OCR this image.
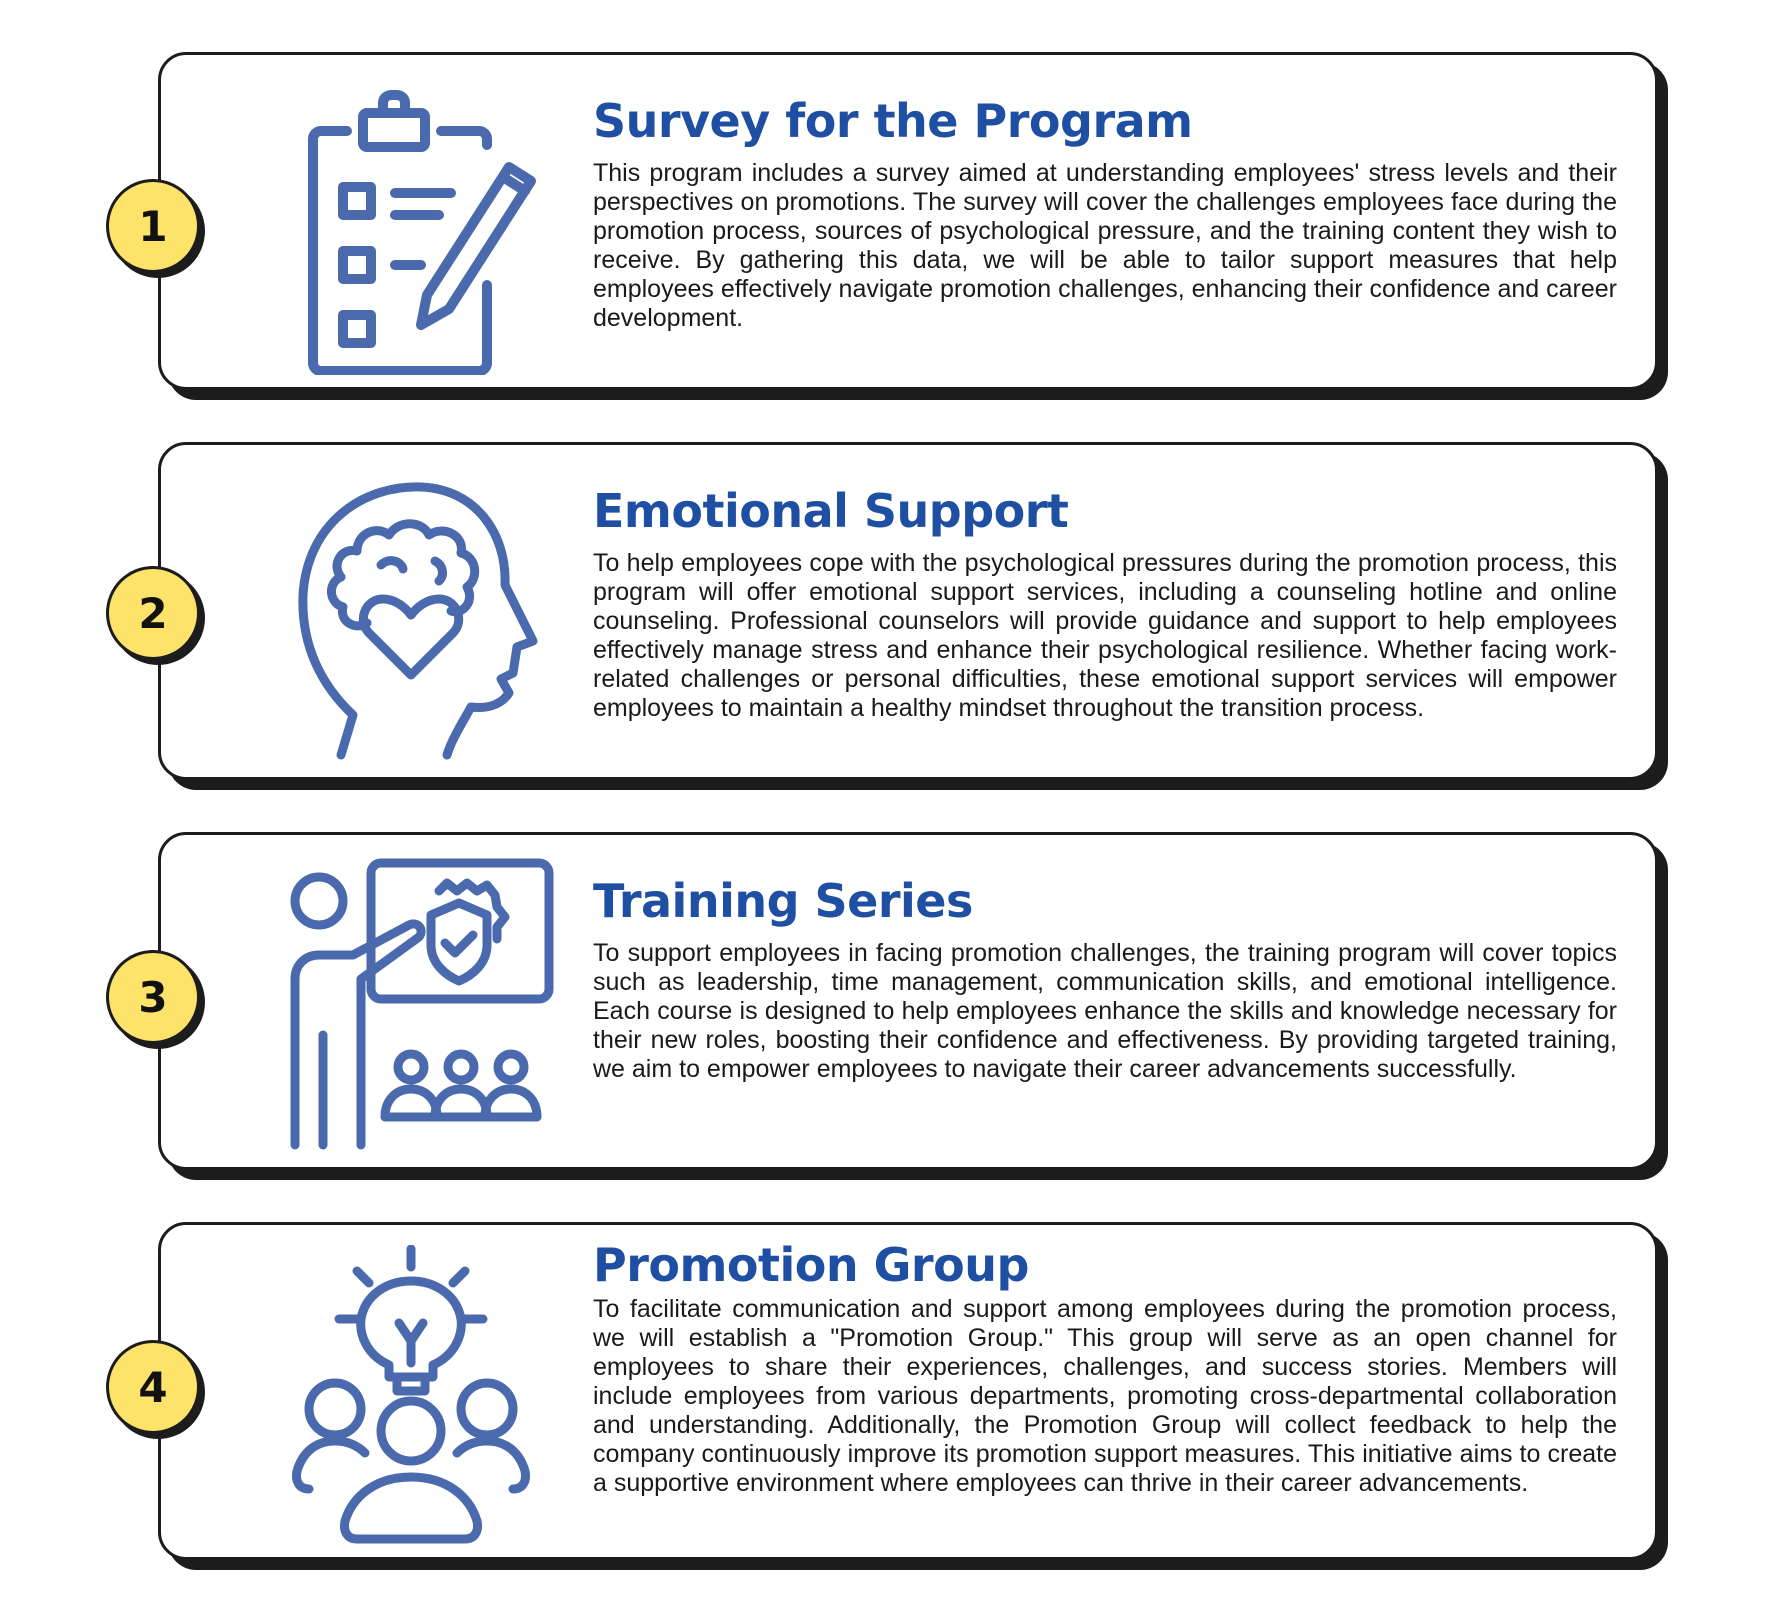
Survey for the Program

This program includes a survey aimed at understanding employees' stress levels and their perspectives on promotions. The survey will cover the challenges employees face during the promotion process, sources of psychological pressure, and the training content they wish to receive. By gathering this data, we will be able to tailor support measures that help employees effectively navigate promotion challenges, enhancing their confidence and career development.

1
Emotional Support

To help employees cope with the psychological pressures during the promotion process, this program will offer emotional support services, including a counseling hotline and online counseling. Professional counselors will provide guidance and support to help employees effectively manage stress and enhance their psychological resilience. Whether facing work-related challenges or personal difficulties, these emotional support services will empower employees to maintain a healthy mindset throughout the transition process.

2
Training Series

To support employees in facing promotion challenges, the training program will cover topics such as leadership, time management, communication skills, and emotional intelligence. Each course is designed to help employees enhance the skills and knowledge necessary for their new roles, boosting their confidence and effectiveness. By providing targeted training, we aim to empower employees to navigate their career advancements successfully.

3
Promotion Group

To facilitate communication and support among employees during the promotion process, we will establish a "Promotion Group." This group will serve as an open channel for employees to share their experiences, challenges, and success stories. Members will include employees from various departments, promoting cross-departmental collaboration and understanding. Additionally, the Promotion Group will collect feedback to help the company continuously improve its promotion support measures. This initiative aims to create a supportive environment where employees can thrive in their career advancements.

4
